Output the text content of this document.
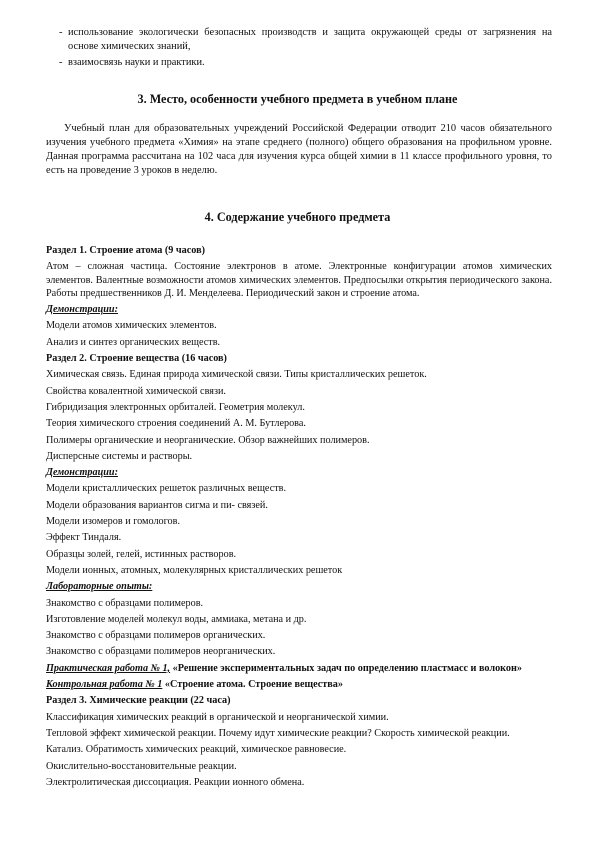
- использование экологически безопасных производств и защита окружающей среды от загрязнения на основе химических знаний,
- взаимосвязь науки и практики.
3. Место, особенности учебного предмета в учебном плане

Учебный план для образовательных учреждений Российской Федерации отводит 210 часов обязательного изучения учебного предмета «Химия» на этапе среднего (полного) общего образования на профильном уровне. Данная программа рассчитана на 102 часа для изучения курса общей химии в 11 классе профильного уровня, то есть на проведение 3 уроков в неделю.

4. Содержание учебного предмета

Раздел 1. Строение атома (9 часов)

Атом – сложная частица. Состояние электронов в атоме. Электронные конфигурации атомов химических элементов. Валентные возможности атомов химических элементов. Предпосылки открытия периодического закона. Работы предшественников Д. И. Менделеева. Периодический закон и строение атома.

Демонстрации:

Модели атомов химических элементов.

Анализ и синтез органических веществ.

Раздел 2. Строение вещества (16 часов)

Химическая связь. Единая природа химической связи. Типы кристаллических решеток.

Свойства ковалентной химической связи.

Гибридизация электронных орбиталей. Геометрия молекул.

Теория химического строения соединений А. М. Бутлерова.

Полимеры органические и неорганические. Обзор важнейших полимеров.

Дисперсные системы и растворы.

Демонстрации:

Модели кристаллических решеток различных веществ.

Модели образования вариантов сигма и пи- связей.

Модели изомеров и гомологов.

Эффект Тиндаля.

Образцы золей, гелей, истинных растворов.

Модели ионных, атомных, молекулярных кристаллических решеток

Лабораторные опыты:

Знакомство с образцами полимеров.

Изготовление моделей молекул воды, аммиака, метана и др.

Знакомство с образцами полимеров органических.

Знакомство с образцами полимеров неорганических.

Практическая работа № 1, «Решение экспериментальных задач по определению пластмасс и волокон»

Контрольная работа № 1 «Строение атома. Строение вещества»

Раздел 3. Химические реакции (22 часа)

Классификация химических реакций в органической и неорганической химии.

Тепловой эффект химической реакции. Почему идут химические реакции? Скорость химической реакции.

Катализ. Обратимость химических реакций, химическое равновесие.

Окислительно-восстановительные реакции.

Электролитическая диссоциация. Реакции ионного обмена.
